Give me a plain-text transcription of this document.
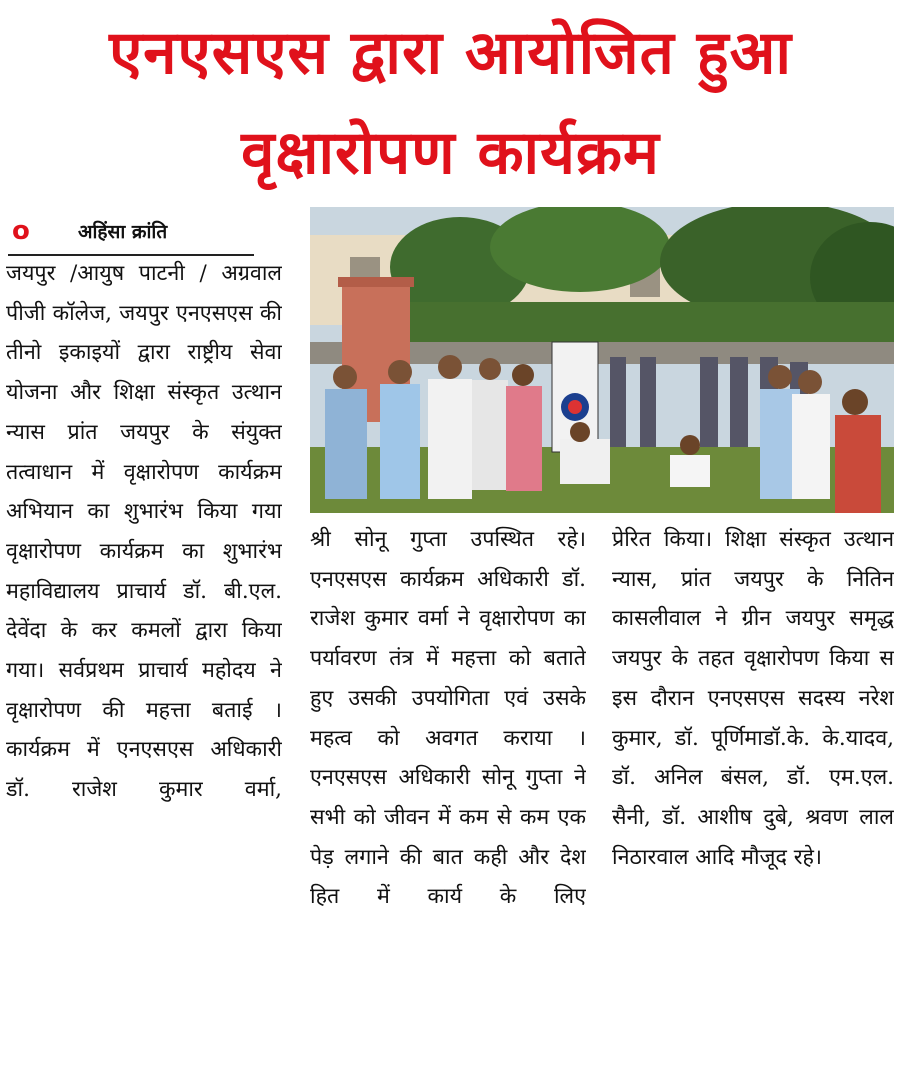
एनएसएस द्वारा आयोजित हुआ
वृक्षारोपण कार्यक्रम
o	अहिंसा क्रांति

जयपुर /आयुष पाटनी / अग्रवाल पीजी कॉलेज, जयपुर एनएसएस की तीनो इकाइयों द्वारा राष्ट्रीय सेवा योजना और शिक्षा संस्कृत उत्थान न्यास प्रांत जयपुर के संयुक्त तत्वाधान में वृक्षारोपण कार्यक्रम अभियान का शुभारंभ किया गया वृक्षारोपण कार्यक्रम का शुभारंभ महाविद्यालय प्राचार्य डॉ. बी.एल. देवेंदा के कर कमलों द्वारा किया गया। सर्वप्रथम प्राचार्य महोदय ने वृक्षारोपण की महत्ता बताई । कार्यक्रम में एनएसएस अधिकारी डॉ. राजेश कुमार वर्मा,

श्री सोनू गुप्ता उपस्थित रहे।एनएसएस कार्यक्रम अधिकारी डॉ. राजेश कुमार वर्मा ने वृक्षारोपण का पर्यावरण तंत्र में महत्ता को बताते हुए उसकी उपयोगिता एवं उसके महत्व को अवगत कराया । एनएसएस अधिकारी सोनू गुप्ता ने सभी को जीवन में कम से कम एक पेड़ लगाने की बात कही और देश हित में कार्य के लिए

प्रेरित किया। शिक्षा संस्कृत उत्थान न्यास, प्रांत जयपुर के नितिन कासलीवाल ने ग्रीन जयपुर समृद्ध जयपुर के तहत वृक्षारोपण किया स इस दौरान एनएसएस सदस्य नरेश कुमार, डॉ. पूर्णिमाडॉ.के. के.यादव, डॉ. अनिल बंसल, डॉ. एम.एल. सैनी, डॉ. आशीष दुबे, श्रवण लाल निठारवाल आदि मौजूद रहे।
